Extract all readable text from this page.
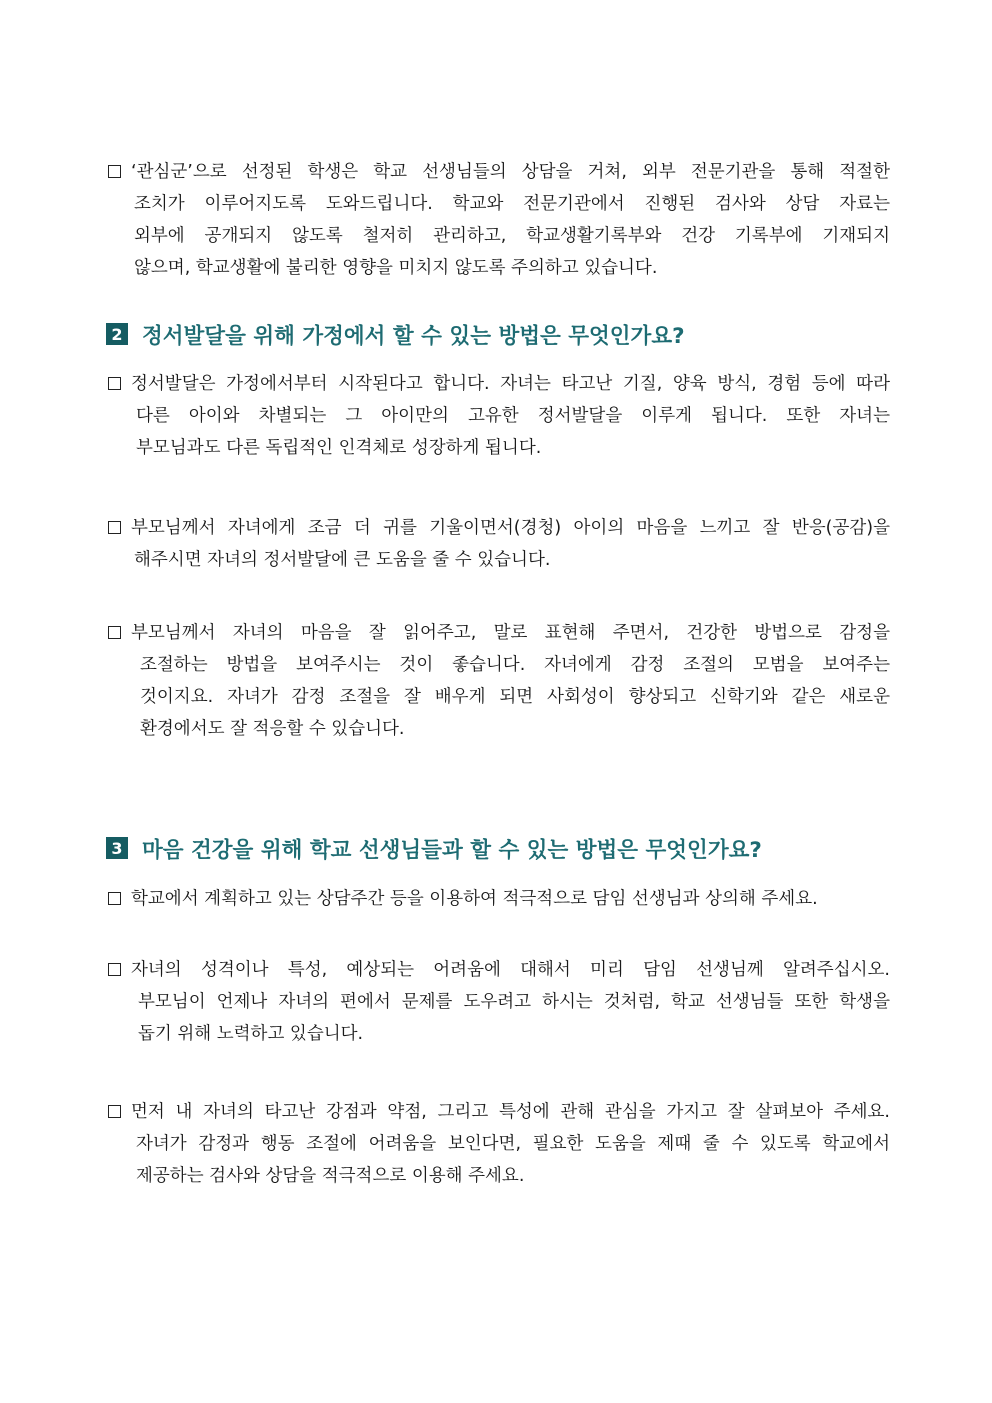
‘관심군’으로 선정된 학생은 학교 선생님들의 상담을 거쳐, 외부 전문기관을 통해 적절한
조치가 이루어지도록 도와드립니다. 학교와 전문기관에서 진행된 검사와 상담 자료는
외부에 공개되지 않도록 철저히 관리하고, 학교생활기록부와 건강 기록부에 기재되지
않으며, 학교생활에 불리한 영향을 미치지 않도록 주의하고 있습니다.
2 정서발달을 위해 가정에서 할 수 있는 방법은 무엇인가요?
정서발달은 가정에서부터 시작된다고 합니다. 자녀는 타고난 기질, 양육 방식, 경험 등에 따라
다른 아이와 차별되는 그 아이만의 고유한 정서발달을 이루게 됩니다. 또한 자녀는
부모님과도 다른 독립적인 인격체로 성장하게 됩니다.
부모님께서 자녀에게 조금 더 귀를 기울이면서(경청) 아이의 마음을 느끼고 잘 반응(공감)을
해주시면 자녀의 정서발달에 큰 도움을 줄 수 있습니다.
부모님께서 자녀의 마음을 잘 읽어주고, 말로 표현해 주면서, 건강한 방법으로 감정을
조절하는 방법을 보여주시는 것이 좋습니다. 자녀에게 감정 조절의 모범을 보여주는
것이지요. 자녀가 감정 조절을 잘 배우게 되면 사회성이 향상되고 신학기와 같은 새로운
환경에서도 잘 적응할 수 있습니다.
3 마음 건강을 위해 학교 선생님들과 할 수 있는 방법은 무엇인가요?
학교에서 계획하고 있는 상담주간 등을 이용하여 적극적으로 담임 선생님과 상의해 주세요.
자녀의 성격이나 특성, 예상되는 어려움에 대해서 미리 담임 선생님께 알려주십시오.
부모님이 언제나 자녀의 편에서 문제를 도우려고 하시는 것처럼, 학교 선생님들 또한 학생을
돕기 위해 노력하고 있습니다.
먼저 내 자녀의 타고난 강점과 약점, 그리고 특성에 관해 관심을 가지고 잘 살펴보아 주세요.
자녀가 감정과 행동 조절에 어려움을 보인다면, 필요한 도움을 제때 줄 수 있도록 학교에서
제공하는 검사와 상담을 적극적으로 이용해 주세요.
